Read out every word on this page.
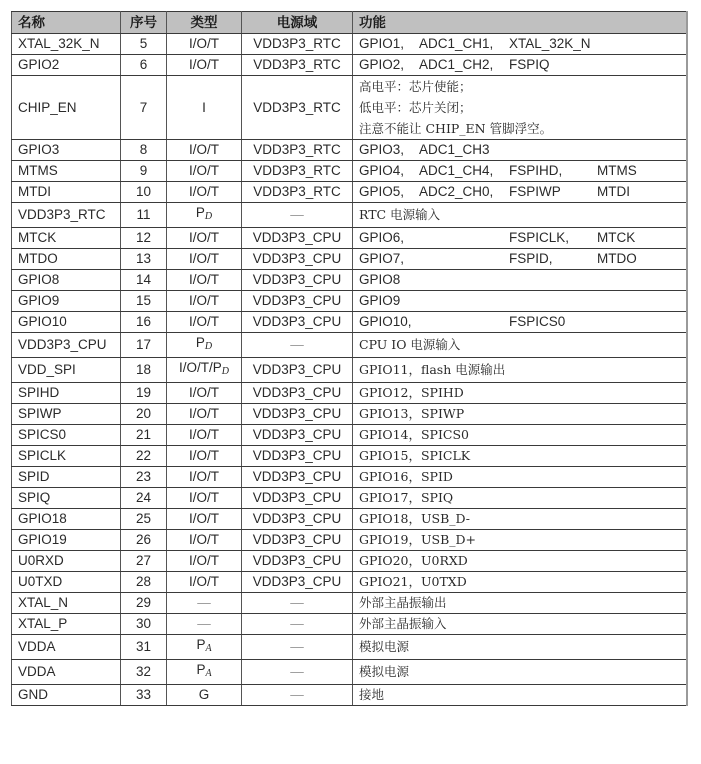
名称	序号	类型	电源域	功能
XTAL_32K_N	5	I/O/T	VDD3P3_RTC	GPIO1, ADC1_CH1, XTAL_32K_N
GPIO2	6	I/O/T	VDD3P3_RTC	GPIO2, ADC1_CH2, FSPIQ
CHIP_EN	7	I	VDD3P3_RTC	高电平：芯片使能；
低电平：芯片关闭；
注意不能让 CHIP_EN 管脚浮空。

GPIO3	8	I/O/T	VDD3P3_RTC	GPIO3, ADC1_CH3
MTMS	9	I/O/T	VDD3P3_RTC	GPIO4, ADC1_CH4, FSPIHD, MTMS
MTDI	10	I/O/T	VDD3P3_RTC	GPIO5, ADC2_CH0, FSPIWP MTDI
VDD3P3_RTC	11	$P_D$	—	RTC 电源输入
MTCK	12	I/O/T	VDD3P3_CPU	GPIO6, FSPICLK, MTCK
MTDO	13	I/O/T	VDD3P3_CPU	GPIO7, FSPID, MTDO
GPIO8	14	I/O/T	VDD3P3_CPU	GPIO8
GPIO9	15	I/O/T	VDD3P3_CPU	GPIO9
GPIO10	16	I/O/T	VDD3P3_CPU	GPIO10, FSPICS0
VDD3P3_CPU	17	$P_D$	—	CPU IO 电源输入
VDD_SPI	18	$I/O/T/P_D$	VDD3P3_CPU	GPIO11，flash 电源输出
SPIHD	19	I/O/T	VDD3P3_CPU	GPIO12，SPIHD
SPIWP	20	I/O/T	VDD3P3_CPU	GPIO13，SPIWP
SPICS0	21	I/O/T	VDD3P3_CPU	GPIO14，SPICS0
SPICLK	22	I/O/T	VDD3P3_CPU	GPIO15，SPICLK
SPID	23	I/O/T	VDD3P3_CPU	GPIO16，SPID
SPIQ	24	I/O/T	VDD3P3_CPU	GPIO17，SPIQ
GPIO18	25	I/O/T	VDD3P3_CPU	GPIO18，USB_D-
GPIO19	26	I/O/T	VDD3P3_CPU	GPIO19，USB_D+
U0RXD	27	I/O/T	VDD3P3_CPU	GPIO20，U0RXD
U0TXD	28	I/O/T	VDD3P3_CPU	GPIO21，U0TXD
XTAL_N	29	—	—	外部主晶振输出
XTAL_P	30	—	—	外部主晶振输入
VDDA	31	$P_A$	—	模拟电源
VDDA	32	$P_A$	—	模拟电源
GND	33	G	—	接地
